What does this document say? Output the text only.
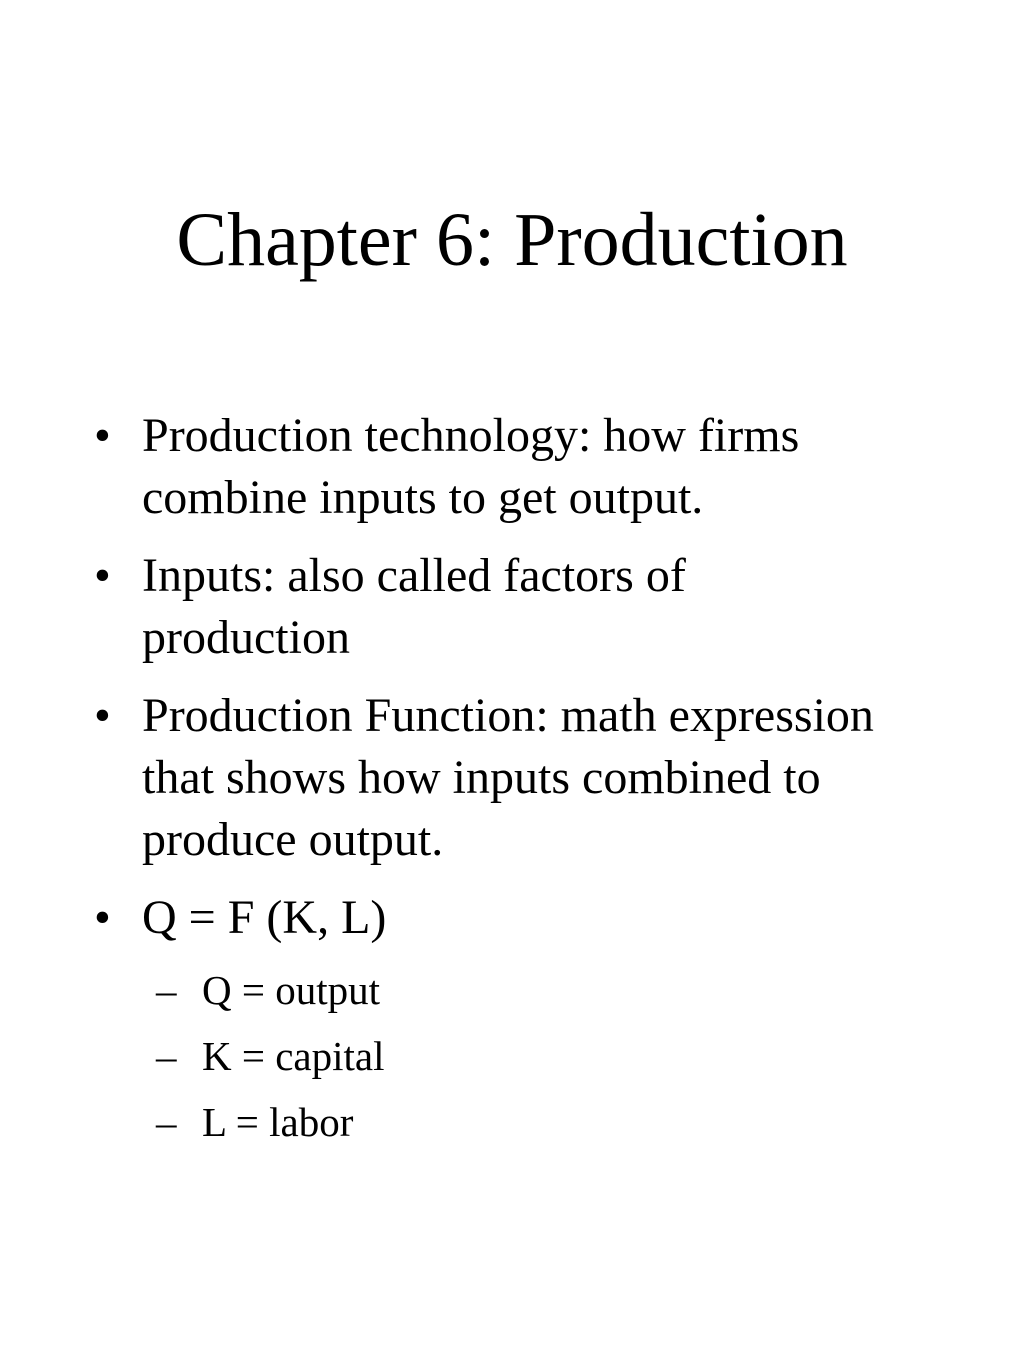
Chapter 6: Production
• Production technology: how firms combine inputs to get output.
• Inputs: also called factors of production
• Production Function: math expression that shows how inputs combined to produce output.
• Q = F (K, L)
– Q = output
– K = capital
– L = labor
